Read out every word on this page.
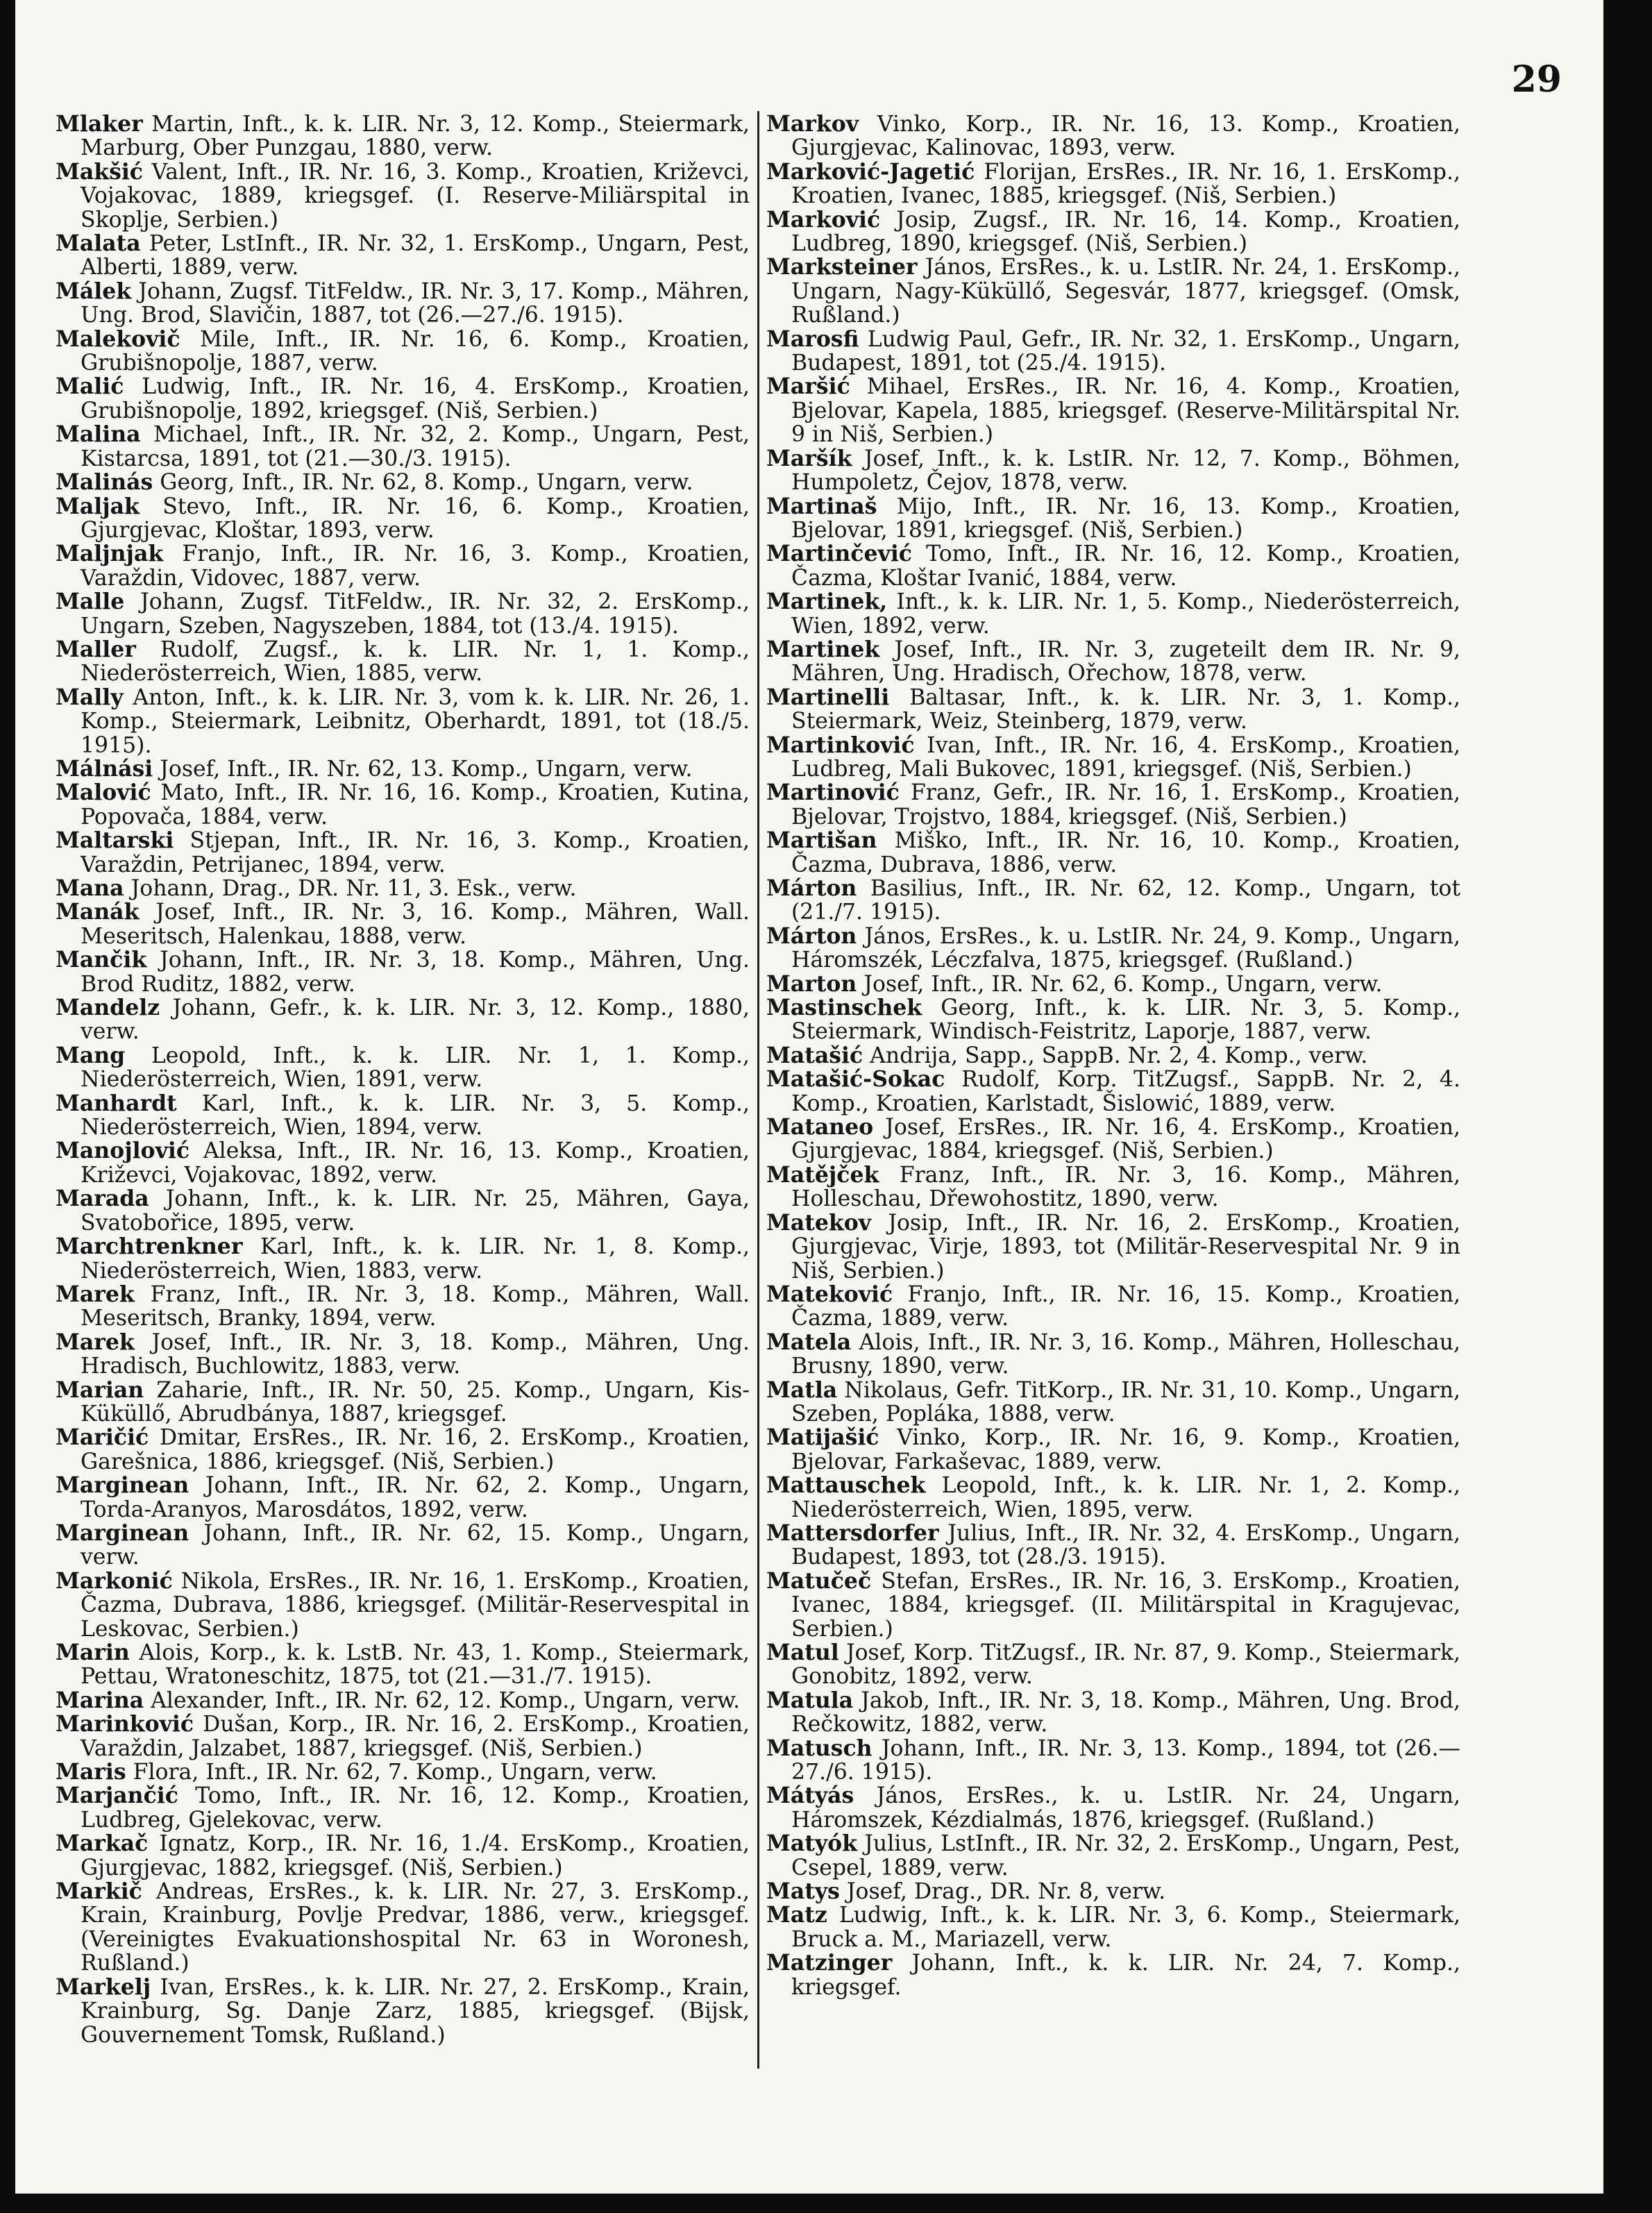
29

Mlaker Martin, Inft., k. k. LIR. Nr. 3, 12. Komp., Steiermark, Marburg, Ober Punzgau, 1880, verw.

Makšić Valent, Inft., IR. Nr. 16, 3. Komp., Kroatien, Križevci, Vojakovac, 1889, kriegsgef. (I. Reserve-Miliärspital in Skoplje, Serbien.)

Malata Peter, LstInft., IR. Nr. 32, 1. ErsKomp., Ungarn, Pest, Alberti, 1889, verw.

Málek Johann, Zugsf. TitFeldw., IR. Nr. 3, 17. Komp., Mähren, Ung. Brod, Slavičin, 1887, tot (26.—27./6. 1915).

Malekovič Mile, Inft., IR. Nr. 16, 6. Komp., Kroatien, Grubišnopolje, 1887, verw.

Malić Ludwig, Inft., IR. Nr. 16, 4. ErsKomp., Kroatien, Grubišnopolje, 1892, kriegsgef. (Niš, Serbien.)

Malina Michael, Inft., IR. Nr. 32, 2. Komp., Ungarn, Pest, Kistarcsa, 1891, tot (21.—30./3. 1915).

Malinás Georg, Inft., IR. Nr. 62, 8. Komp., Ungarn, verw.

Maljak Stevo, Inft., IR. Nr. 16, 6. Komp., Kroatien, Gjurgjevac, Kloštar, 1893, verw.

Maljnjak Franjo, Inft., IR. Nr. 16, 3. Komp., Kroatien, Varaždin, Vidovec, 1887, verw.

Malle Johann, Zugsf. TitFeldw., IR. Nr. 32, 2. ErsKomp., Ungarn, Szeben, Nagyszeben, 1884, tot (13./4. 1915).

Maller Rudolf, Zugsf., k. k. LIR. Nr. 1, 1. Komp., Niederösterreich, Wien, 1885, verw.

Mally Anton, Inft., k. k. LIR. Nr. 3, vom k. k. LIR. Nr. 26, 1. Komp., Steiermark, Leibnitz, Oberhardt, 1891, tot (18./5. 1915).

Málnási Josef, Inft., IR. Nr. 62, 13. Komp., Ungarn, verw.

Malović Mato, Inft., IR. Nr. 16, 16. Komp., Kroatien, Kutina, Popovača, 1884, verw.

Maltarski Stjepan, Inft., IR. Nr. 16, 3. Komp., Kroatien, Varaždin, Petrijanec, 1894, verw.

Mana Johann, Drag., DR. Nr. 11, 3. Esk., verw.

Manák Josef, Inft., IR. Nr. 3, 16. Komp., Mähren, Wall. Meseritsch, Halenkau, 1888, verw.

Mančik Johann, Inft., IR. Nr. 3, 18. Komp., Mähren, Ung. Brod Ruditz, 1882, verw.

Mandelz Johann, Gefr., k. k. LIR. Nr. 3, 12. Komp., 1880, verw.

Mang Leopold, Inft., k. k. LIR. Nr. 1, 1. Komp., Niederösterreich, Wien, 1891, verw.

Manhardt Karl, Inft., k. k. LIR. Nr. 3, 5. Komp., Niederösterreich, Wien, 1894, verw.

Manojlović Aleksa, Inft., IR. Nr. 16, 13. Komp., Kroatien, Križevci, Vojakovac, 1892, verw.

Marada Johann, Inft., k. k. LIR. Nr. 25, Mähren, Gaya, Svatobořice, 1895, verw.

Marchtrenkner Karl, Inft., k. k. LIR. Nr. 1, 8. Komp., Niederösterreich, Wien, 1883, verw.

Marek Franz, Inft., IR. Nr. 3, 18. Komp., Mähren, Wall. Meseritsch, Branky, 1894, verw.

Marek Josef, Inft., IR. Nr. 3, 18. Komp., Mähren, Ung. Hradisch, Buchlowitz, 1883, verw.

Marian Zaharie, Inft., IR. Nr. 50, 25. Komp., Ungarn, Kis-Küküllő, Abrudbánya, 1887, kriegsgef.

Maričić Dmitar, ErsRes., IR. Nr. 16, 2. ErsKomp., Kroatien, Garešnica, 1886, kriegsgef. (Niš, Serbien.)

Marginean Johann, Inft., IR. Nr. 62, 2. Komp., Ungarn, Torda-Aranyos, Marosdátos, 1892, verw.

Marginean Johann, Inft., IR. Nr. 62, 15. Komp., Ungarn, verw.

Markonić Nikola, ErsRes., IR. Nr. 16, 1. ErsKomp., Kroatien, Čazma, Dubrava, 1886, kriegsgef. (Militär-Reservespital in Leskovac, Serbien.)

Marin Alois, Korp., k. k. LstB. Nr. 43, 1. Komp., Steiermark, Pettau, Wratoneschitz, 1875, tot (21.—31./7. 1915).

Marina Alexander, Inft., IR. Nr. 62, 12. Komp., Ungarn, verw.

Marinković Dušan, Korp., IR. Nr. 16, 2. ErsKomp., Kroatien, Varaždin, Jalzabet, 1887, kriegsgef. (Niš, Serbien.)

Maris Flora, Inft., IR. Nr. 62, 7. Komp., Ungarn, verw.

Marjančić Tomo, Inft., IR. Nr. 16, 12. Komp., Kroatien, Ludbreg, Gjelekovac, verw.

Markač Ignatz, Korp., IR. Nr. 16, 1./4. ErsKomp., Kroatien, Gjurgjevac, 1882, kriegsgef. (Niš, Serbien.)

Markič Andreas, ErsRes., k. k. LIR. Nr. 27, 3. ErsKomp., Krain, Krainburg, Povlje Predvar, 1886, verw., kriegsgef. (Vereinigtes Evakuationshospital Nr. 63 in Woronesh, Rußland.)

Markelj Ivan, ErsRes., k. k. LIR. Nr. 27, 2. ErsKomp., Krain, Krainburg, Sg. Danje Zarz, 1885, kriegsgef. (Bijsk, Gouvernement Tomsk, Rußland.)

Markov Vinko, Korp., IR. Nr. 16, 13. Komp., Kroatien, Gjurgjevac, Kalinovac, 1893, verw.

Marković-Jagetić Florijan, ErsRes., IR. Nr. 16, 1. ErsKomp., Kroatien, Ivanec, 1885, kriegsgef. (Niš, Serbien.)

Marković Josip, Zugsf., IR. Nr. 16, 14. Komp., Kroatien, Ludbreg, 1890, kriegsgef. (Niš, Serbien.)

Marksteiner János, ErsRes., k. u. LstIR. Nr. 24, 1. ErsKomp., Ungarn, Nagy-Küküllő, Segesvár, 1877, kriegsgef. (Omsk, Rußland.)

Marosfi Ludwig Paul, Gefr., IR. Nr. 32, 1. ErsKomp., Ungarn, Budapest, 1891, tot (25./4. 1915).

Maršić Mihael, ErsRes., IR. Nr. 16, 4. Komp., Kroatien, Bjelovar, Kapela, 1885, kriegsgef. (Reserve-Militärspital Nr. 9 in Niš, Serbien.)

Maršík Josef, Inft., k. k. LstIR. Nr. 12, 7. Komp., Böhmen, Humpoletz, Čejov, 1878, verw.

Martinaš Mijo, Inft., IR. Nr. 16, 13. Komp., Kroatien, Bjelovar, 1891, kriegsgef. (Niš, Serbien.)

Martinčević Tomo, Inft., IR. Nr. 16, 12. Komp., Kroatien, Čazma, Kloštar Ivanić, 1884, verw.

Martinek, Inft., k. k. LIR. Nr. 1, 5. Komp., Niederösterreich, Wien, 1892, verw.

Martinek Josef, Inft., IR. Nr. 3, zugeteilt dem IR. Nr. 9, Mähren, Ung. Hradisch, Ořechow, 1878, verw.

Martinelli Baltasar, Inft., k. k. LIR. Nr. 3, 1. Komp., Steiermark, Weiz, Steinberg, 1879, verw.

Martinković Ivan, Inft., IR. Nr. 16, 4. ErsKomp., Kroatien, Ludbreg, Mali Bukovec, 1891, kriegsgef. (Niš, Serbien.)

Martinović Franz, Gefr., IR. Nr. 16, 1. ErsKomp., Kroatien, Bjelovar, Trojstvo, 1884, kriegsgef. (Niš, Serbien.)

Martišan Miško, Inft., IR. Nr. 16, 10. Komp., Kroatien, Čazma, Dubrava, 1886, verw.

Márton Basilius, Inft., IR. Nr. 62, 12. Komp., Ungarn, tot (21./7. 1915).

Márton János, ErsRes., k. u. LstIR. Nr. 24, 9. Komp., Ungarn, Háromszék, Léczfalva, 1875, kriegsgef. (Rußland.)

Marton Josef, Inft., IR. Nr. 62, 6. Komp., Ungarn, verw.

Mastinschek Georg, Inft., k. k. LIR. Nr. 3, 5. Komp., Steiermark, Windisch-Feistritz, Laporje, 1887, verw.

Matašić Andrija, Sapp., SappB. Nr. 2, 4. Komp., verw.

Matašić-Sokac Rudolf, Korp. TitZugsf., SappB. Nr. 2, 4. Komp., Kroatien, Karlstadt, Šislowić, 1889, verw.

Mataneo Josef, ErsRes., IR. Nr. 16, 4. ErsKomp., Kroatien, Gjurgjevac, 1884, kriegsgef. (Niš, Serbien.)

Matějček Franz, Inft., IR. Nr. 3, 16. Komp., Mähren, Holleschau, Dřewohostitz, 1890, verw.

Matekov Josip, Inft., IR. Nr. 16, 2. ErsKomp., Kroatien, Gjurgjevac, Virje, 1893, tot (Militär-Reservespital Nr. 9 in Niš, Serbien.)

Mateković Franjo, Inft., IR. Nr. 16, 15. Komp., Kroatien, Čazma, 1889, verw.

Matela Alois, Inft., IR. Nr. 3, 16. Komp., Mähren, Holleschau, Brusny, 1890, verw.

Matla Nikolaus, Gefr. TitKorp., IR. Nr. 31, 10. Komp., Ungarn, Szeben, Popláka, 1888, verw.

Matijašić Vinko, Korp., IR. Nr. 16, 9. Komp., Kroatien, Bjelovar, Farkaševac, 1889, verw.

Mattauschek Leopold, Inft., k. k. LIR. Nr. 1, 2. Komp., Niederösterreich, Wien, 1895, verw.

Mattersdorfer Julius, Inft., IR. Nr. 32, 4. ErsKomp., Ungarn, Budapest, 1893, tot (28./3. 1915).

Matučeč Stefan, ErsRes., IR. Nr. 16, 3. ErsKomp., Kroatien, Ivanec, 1884, kriegsgef. (II. Militärspital in Kragujevac, Serbien.)

Matul Josef, Korp. TitZugsf., IR. Nr. 87, 9. Komp., Steiermark, Gonobitz, 1892, verw.

Matula Jakob, Inft., IR. Nr. 3, 18. Komp., Mähren, Ung. Brod, Rečkowitz, 1882, verw.

Matusch Johann, Inft., IR. Nr. 3, 13. Komp., 1894, tot (26.—27./6. 1915).

Mátyás János, ErsRes., k. u. LstIR. Nr. 24, Ungarn, Háromszek, Kézdialmás, 1876, kriegsgef. (Rußland.)

Matyók Julius, LstInft., IR. Nr. 32, 2. ErsKomp., Ungarn, Pest, Csepel, 1889, verw.

Matys Josef, Drag., DR. Nr. 8, verw.

Matz Ludwig, Inft., k. k. LIR. Nr. 3, 6. Komp., Steiermark, Bruck a. M., Mariazell, verw.

Matzinger Johann, Inft., k. k. LIR. Nr. 24, 7. Komp., kriegsgef.
